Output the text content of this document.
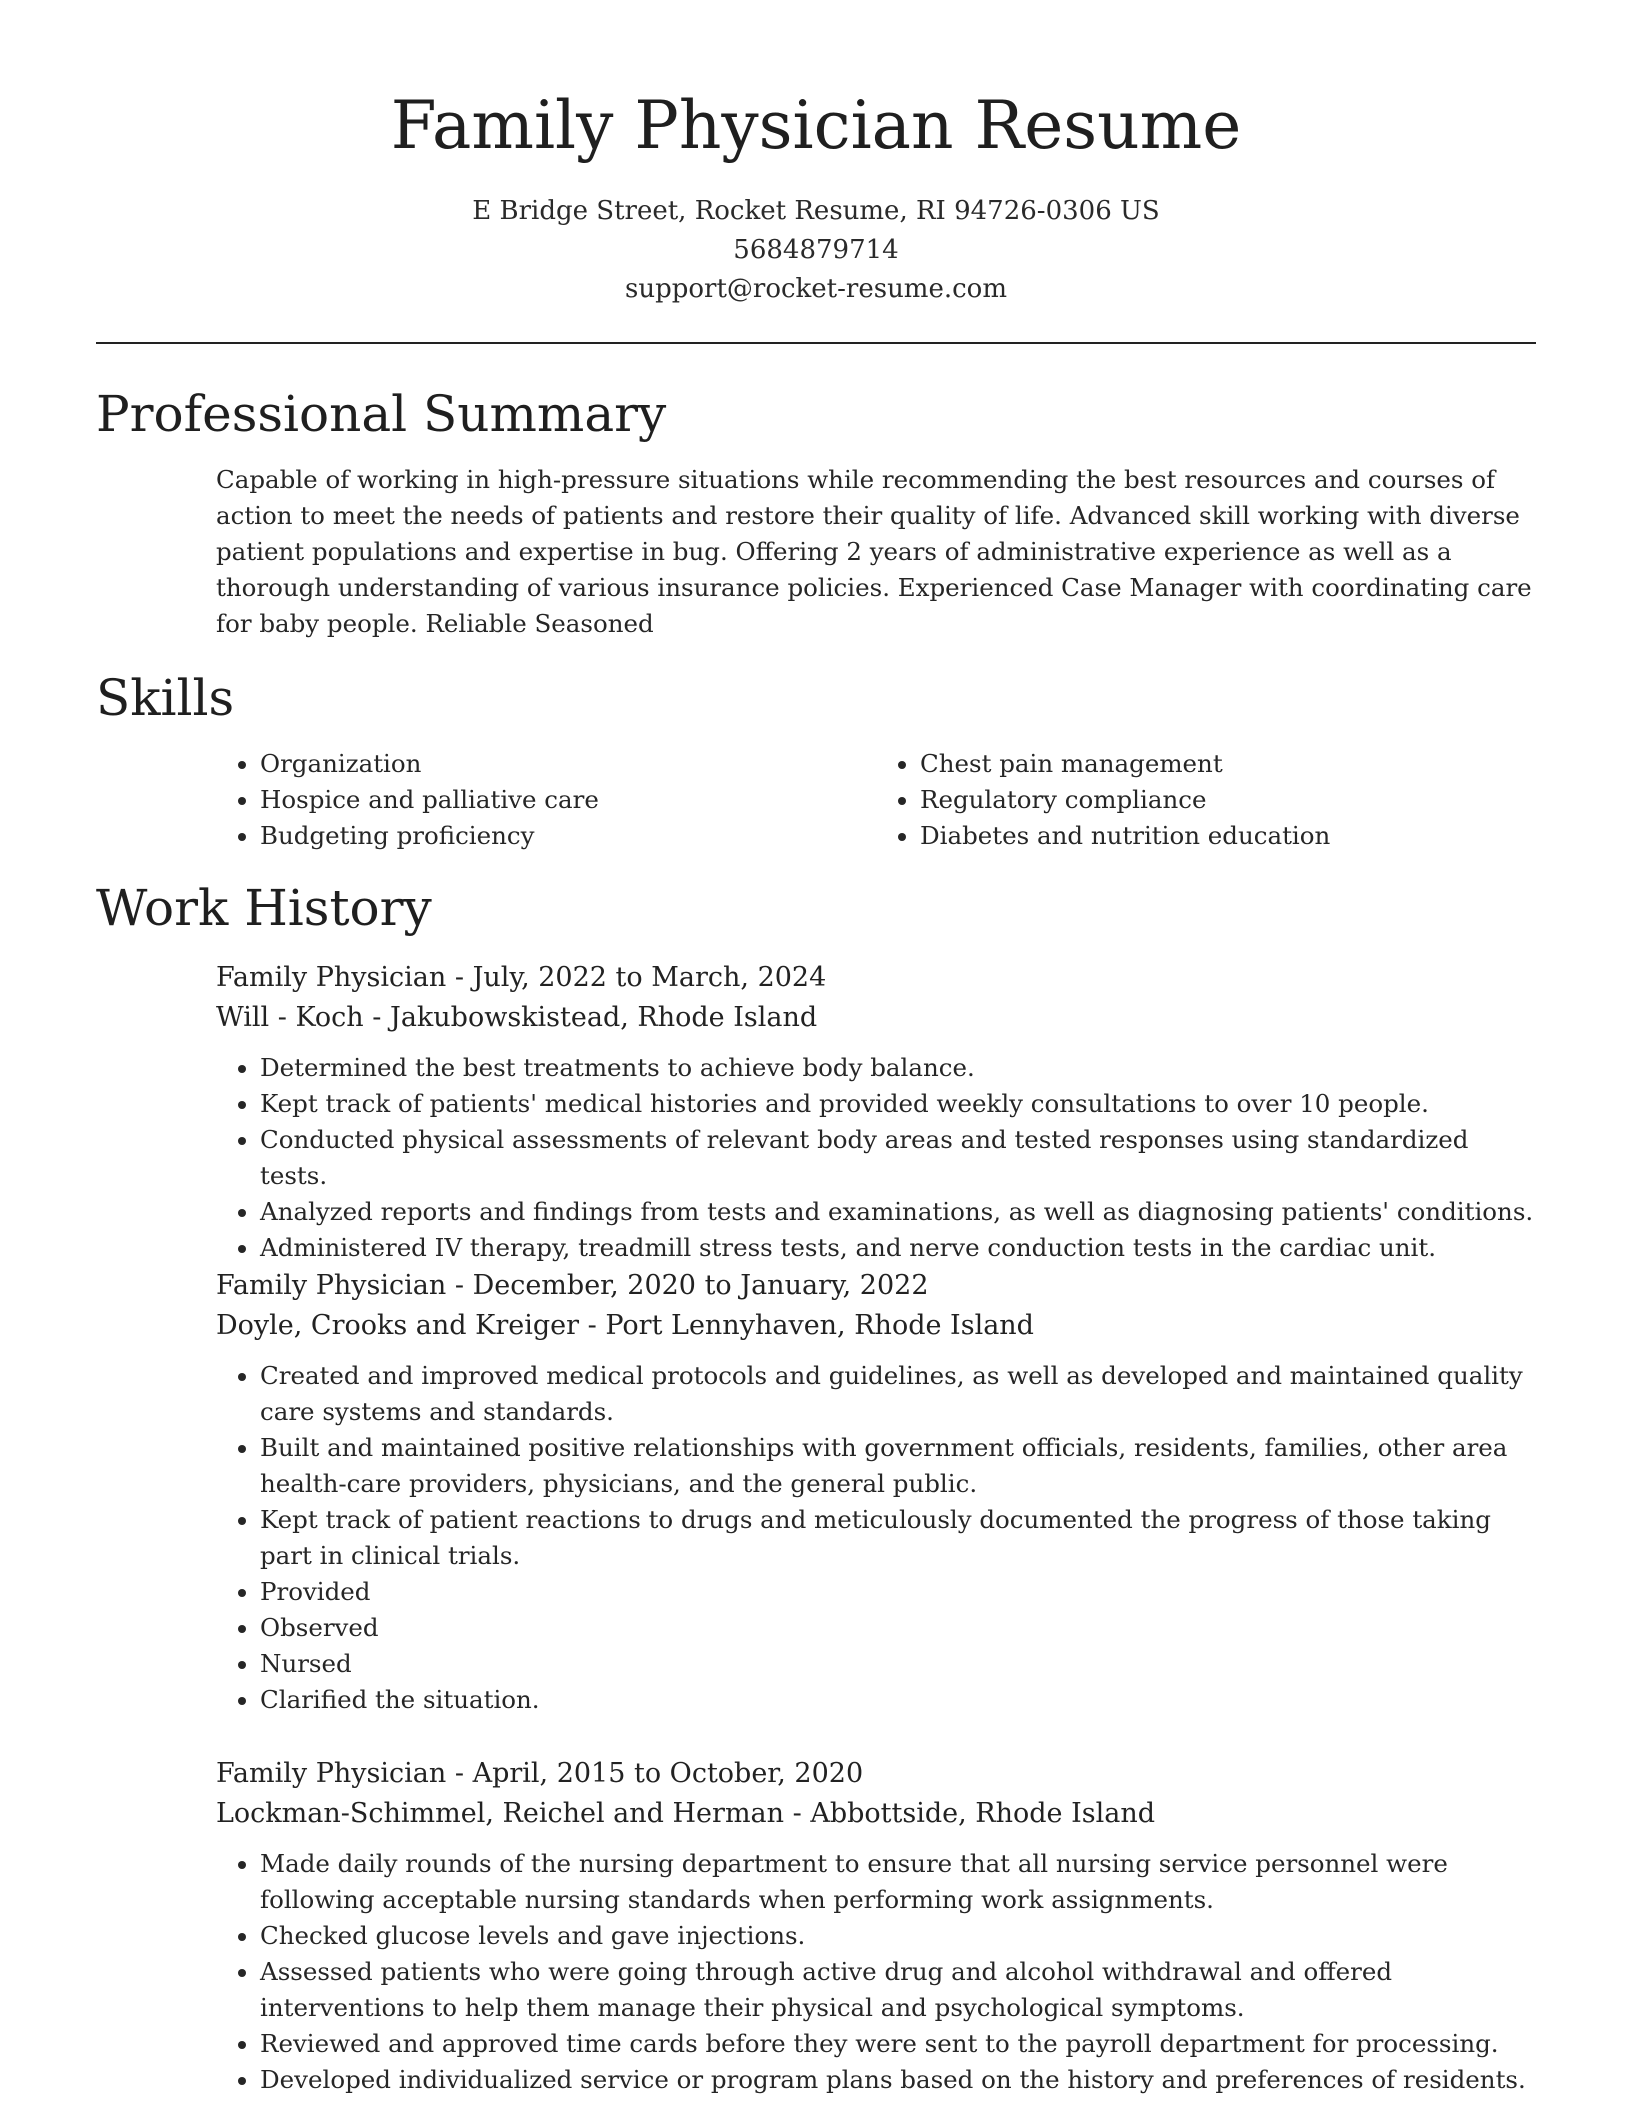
Family Physician Resume
E Bridge Street, Rocket Resume, RI 94726-0306 US
5684879714
support@rocket-resume.com
Professional Summary

Capable of working in high-pressure situations while recommending the best resources and courses of action to meet the needs of patients and restore their quality of life. Advanced skill working with diverse patient populations and expertise in bug. Offering 2 years of administrative experience as well as a thorough understanding of various insurance policies. Experienced Case Manager with coordinating care for baby people. Reliable Seasoned

Skills
• Organization
• Hospice and palliative care
• Budgeting proficiency
• Chest pain management
• Regulatory compliance
• Diabetes and nutrition education
Work History
Family Physician - July, 2022 to March, 2024
Will - Koch - Jakubowskistead, Rhode Island
• Determined the best treatments to achieve body balance.
• Kept track of patients' medical histories and provided weekly consultations to over 10 people.
• Conducted physical assessments of relevant body areas and tested responses using standardized tests.
• Analyzed reports and findings from tests and examinations, as well as diagnosing patients' conditions.
• Administered IV therapy, treadmill stress tests, and nerve conduction tests in the cardiac unit.
Family Physician - December, 2020 to January, 2022
Doyle, Crooks and Kreiger - Port Lennyhaven, Rhode Island
• Created and improved medical protocols and guidelines, as well as developed and maintained quality care systems and standards.
• Built and maintained positive relationships with government officials, residents, families, other area health-care providers, physicians, and the general public.
• Kept track of patient reactions to drugs and meticulously documented the progress of those taking part in clinical trials.
• Provided
• Observed
• Nursed
• Clarified the situation.
Family Physician - April, 2015 to October, 2020
Lockman-Schimmel, Reichel and Herman - Abbottside, Rhode Island
• Made daily rounds of the nursing department to ensure that all nursing service personnel were following acceptable nursing standards when performing work assignments.
• Checked glucose levels and gave injections.
• Assessed patients who were going through active drug and alcohol withdrawal and offered interventions to help them manage their physical and psychological symptoms.
• Reviewed and approved time cards before they were sent to the payroll department for processing.
• Developed individualized service or program plans based on the history and preferences of residents.
